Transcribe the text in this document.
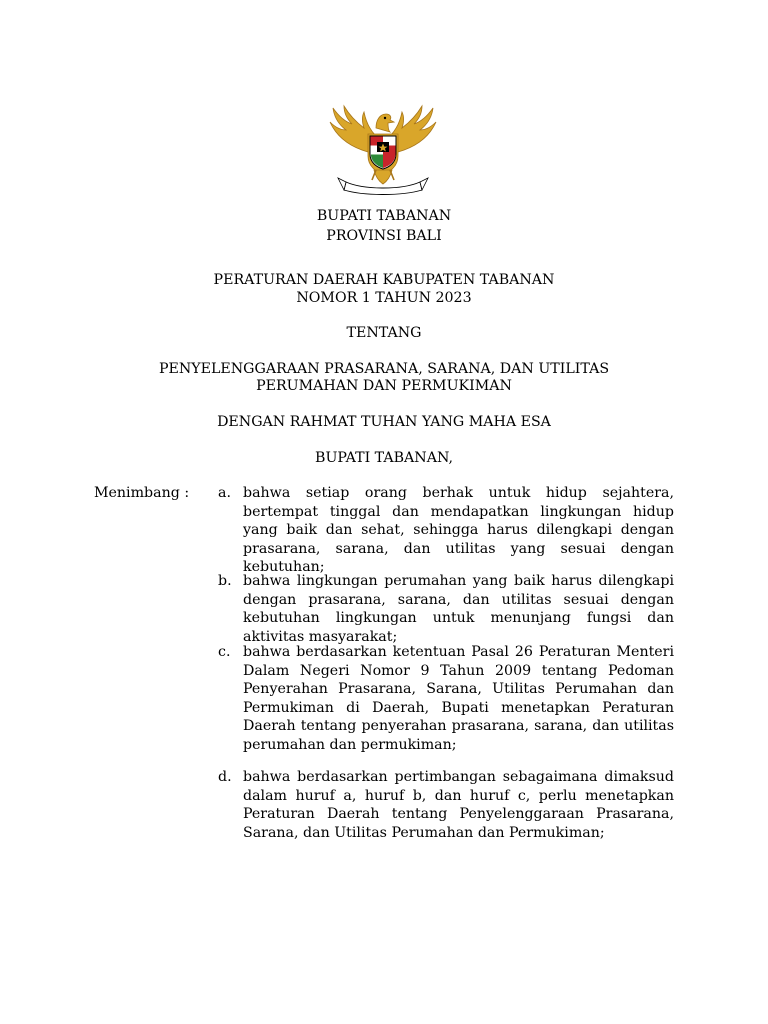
BUPATI TABANAN
PROVINSI BALI
PERATURAN DAERAH KABUPATEN TABANAN
NOMOR 1 TAHUN 2023
TENTANG
PENYELENGGARAAN PRASARANA, SARANA, DAN UTILITAS
PERUMAHAN DAN PERMUKIMAN
DENGAN RAHMAT TUHAN YANG MAHA ESA
BUPATI TABANAN,
Menimbang : a. bahwa setiap orang berhak untuk hidup sejahtera, bertempat tinggal dan mendapatkan lingkungan hidup yang baik dan sehat, sehingga harus dilengkapi dengan prasarana, sarana, dan utilitas yang sesuai dengan kebutuhan;

b. bahwa lingkungan perumahan yang baik harus dilengkapi dengan prasarana, sarana, dan utilitas sesuai dengan kebutuhan lingkungan untuk menunjang fungsi dan aktivitas masyarakat;

c. bahwa berdasarkan ketentuan Pasal 26 Peraturan Menteri Dalam Negeri Nomor 9 Tahun 2009 tentang Pedoman Penyerahan Prasarana, Sarana, Utilitas Perumahan dan Permukiman di Daerah, Bupati menetapkan Peraturan Daerah tentang penyerahan prasarana, sarana, dan utilitas perumahan dan permukiman;

d. bahwa berdasarkan pertimbangan sebagaimana dimaksud dalam huruf a, huruf b, dan huruf c, perlu menetapkan Peraturan Daerah tentang Penyelenggaraan Prasarana, Sarana, dan Utilitas Perumahan dan Permukiman;
